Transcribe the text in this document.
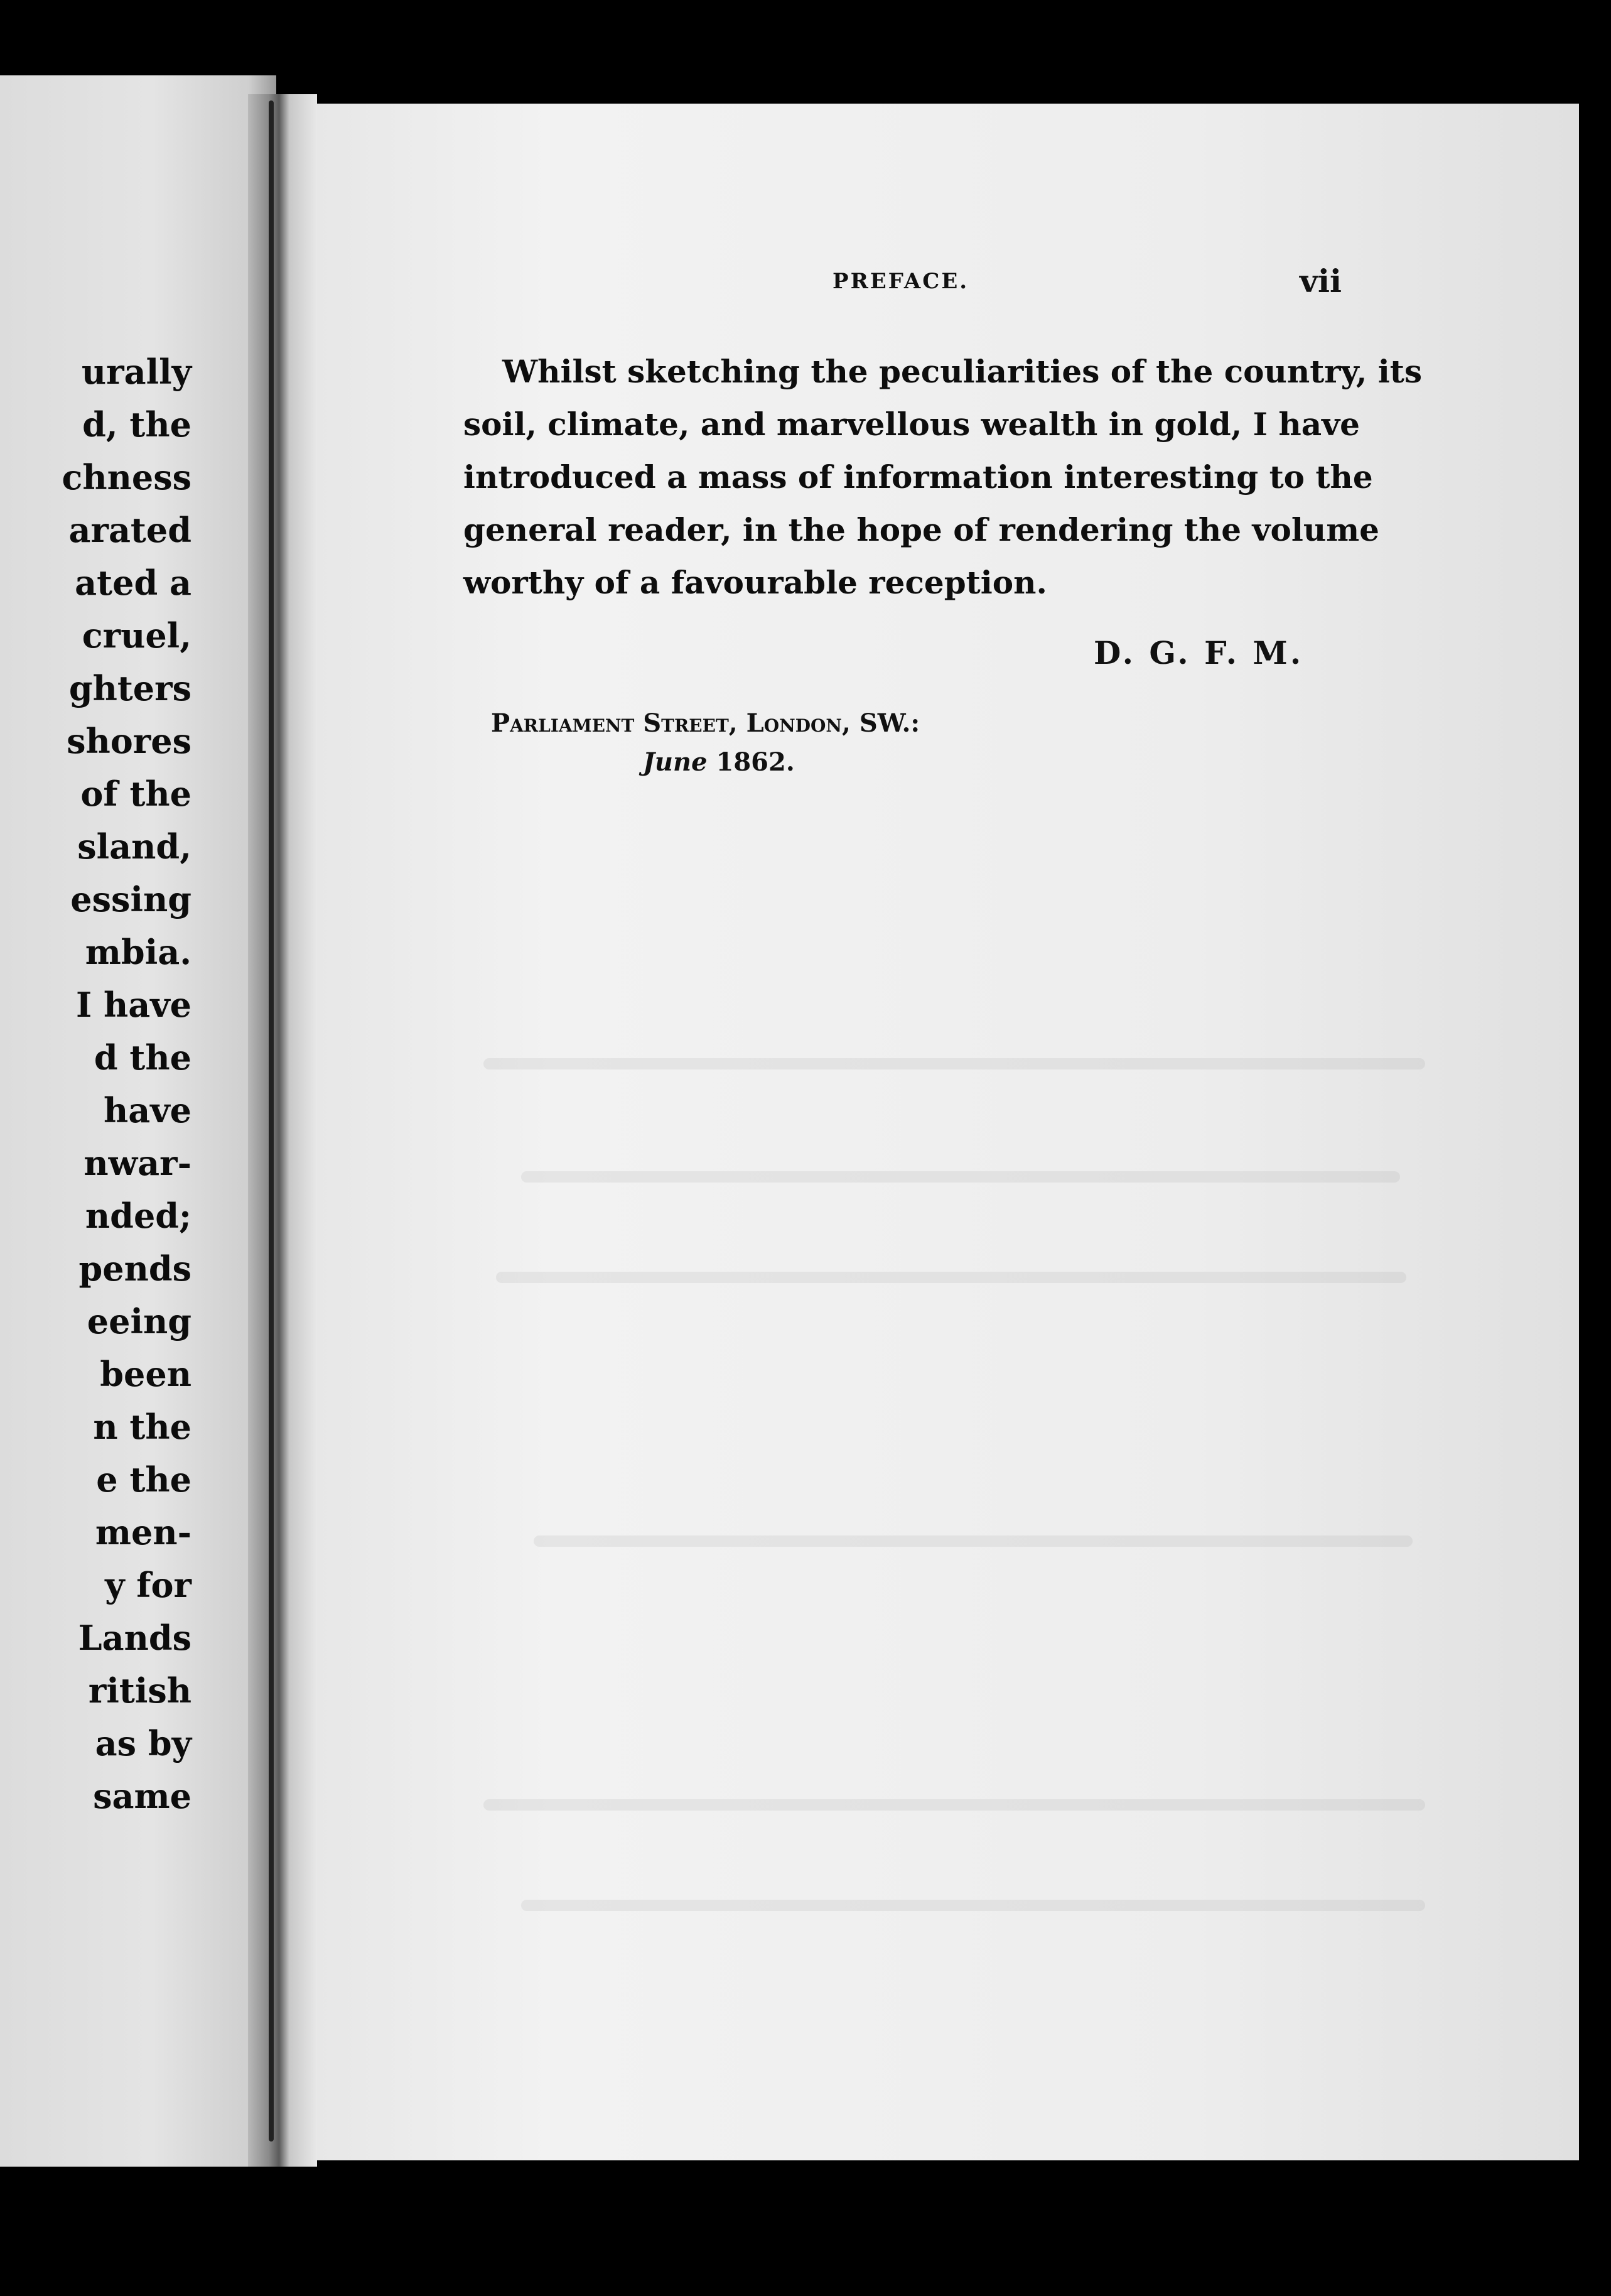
urally
d, the
chness
arated
ated a
cruel,
ghters
shores
of the
sland,
essing
mbia.
I have
d the
have
nwar-
nded;
pends
eeing
been
n the
e the
men-
y for
Lands
ritish
as by
same
PREFACE.	vii
Whilst sketching the peculiarities of the country, its
soil, climate, and marvellous wealth in gold, I have
introduced a mass of information interesting to the
general reader, in the hope of rendering the volume
worthy of a favourable reception.
D. G. F. M.
Parliament Street, London, SW.:
June 1862.
